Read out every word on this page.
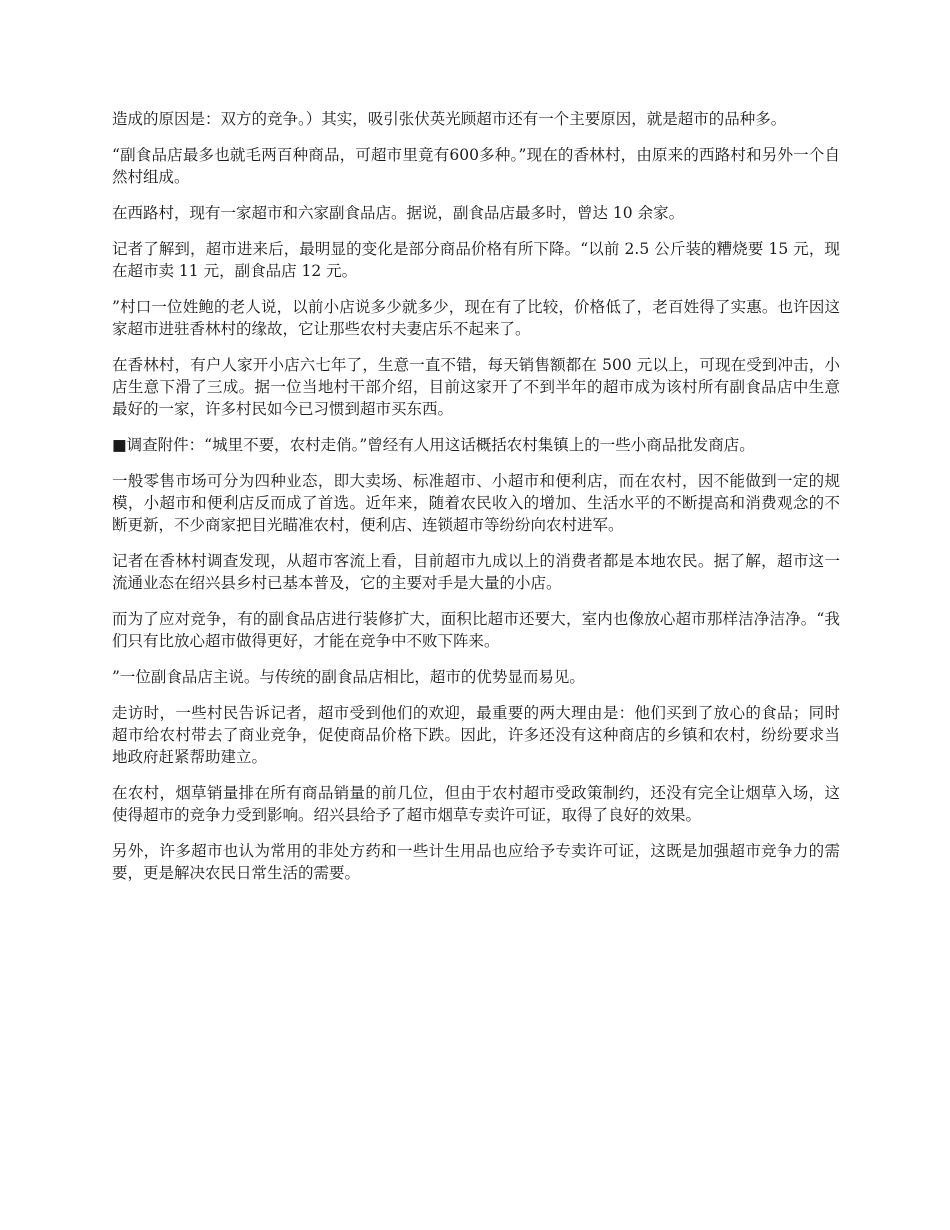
造成的原因是：双方的竞争。）其实，吸引张伏英光顾超市还有一个主要原因，就是超市的品种多。

“副食品店最多也就毛两百种商品，可超市里竟有600多种。”现在的香林村，由原来的西路村和另外一个自然村组成。

在西路村，现有一家超市和六家副食品店。据说，副食品店最多时，曾达 10 余家。

记者了解到，超市进来后，最明显的变化是部分商品价格有所下降。“以前 2.5 公斤装的糟烧要 15 元，现在超市卖 11 元，副食品店 12 元。

”村口一位姓鲍的老人说，以前小店说多少就多少，现在有了比较，价格低了，老百姓得了实惠。也许因这家超市进驻香林村的缘故，它让那些农村夫妻店乐不起来了。

在香林村，有户人家开小店六七年了，生意一直不错，每天销售额都在 500 元以上，可现在受到冲击，小店生意下滑了三成。据一位当地村干部介绍，目前这家开了不到半年的超市成为该村所有副食品店中生意最好的一家，许多村民如今已习惯到超市买东西。

■调查附件：“城里不要，农村走俏。”曾经有人用这话概括农村集镇上的一些小商品批发商店。

一般零售市场可分为四种业态，即大卖场、标准超市、小超市和便利店，而在农村，因不能做到一定的规模，小超市和便利店反而成了首选。近年来，随着农民收入的增加、生活水平的不断提高和消费观念的不断更新，不少商家把目光瞄准农村，便利店、连锁超市等纷纷向农村进军。

记者在香林村调查发现，从超市客流上看，目前超市九成以上的消费者都是本地农民。据了解，超市这一流通业态在绍兴县乡村已基本普及，它的主要对手是大量的小店。

而为了应对竞争，有的副食品店进行装修扩大，面积比超市还要大，室内也像放心超市那样洁净洁净。“我们只有比放心超市做得更好，才能在竞争中不败下阵来。

”一位副食品店主说。与传统的副食品店相比，超市的优势显而易见。

走访时，一些村民告诉记者，超市受到他们的欢迎，最重要的两大理由是：他们买到了放心的食品；同时超市给农村带去了商业竞争，促使商品价格下跌。因此，许多还没有这种商店的乡镇和农村，纷纷要求当地政府赶紧帮助建立。

在农村，烟草销量排在所有商品销量的前几位，但由于农村超市受政策制约，还没有完全让烟草入场，这使得超市的竞争力受到影响。绍兴县给予了超市烟草专卖许可证，取得了良好的效果。

另外，许多超市也认为常用的非处方药和一些计生用品也应给予专卖许可证，这既是加强超市竞争力的需要，更是解决农民日常生活的需要。
